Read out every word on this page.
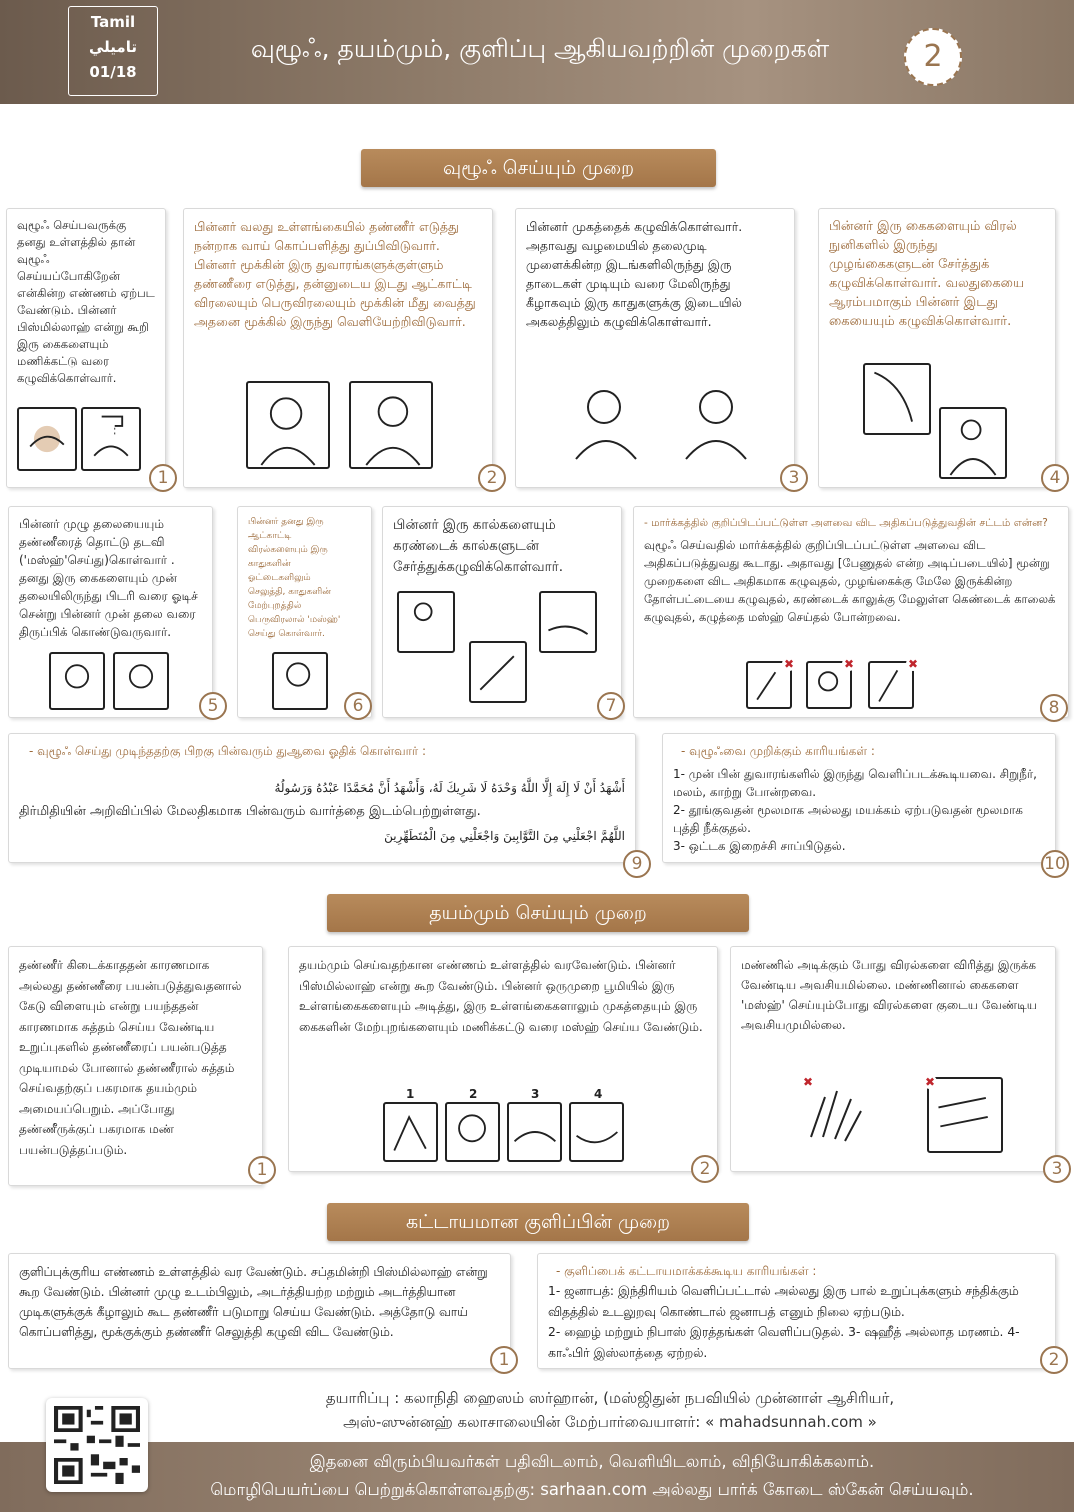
Tamil
تاميلي
01/18
வுழூஃ, தயம்மும், குளிப்பு ஆகியவற்றின் முறைகள்	2
வுழூஃ செய்யும் முறை
வுழூஃ செய்பவருக்கு தனது உள்ளத்தில் தான் வுழூஃ செய்யப்போகிறேன் என்கின்ற எண்ணம் ஏற்பட வேண்டும். பின்னர் பிஸ்மில்லாஹ் என்று கூறி இரு கைகளையும் மணிக்கட்டு வரை கழுவிக்கொள்வார்.
1
பின்னர் வலது உள்ளங்கையில் தண்ணீர் எடுத்து நன்றாக வாய் கொப்பளித்து துப்பிவிடுவார். பின்னர் மூக்கின் இரு துவாரங்களுக்குள்ளும் தண்ணீரை எடுத்து, தன்னுடைய இடது ஆட்காட்டி விரலையும் பெருவிரலையும் மூக்கின் மீது வைத்து அதனை மூக்கில் இருந்து வெளியேற்றிவிடுவார்.
2
பின்னர் முகத்தைக் கழுவிக்கொள்வார். அதாவது வழமையில் தலைமுடி முளைக்கின்ற இடங்களிலிருந்து இரு தாடைகள் முடியும் வரை மேலிருந்து கீழாகவும் இரு காதுகளுக்கு இடையில் அகலத்திலும் கழுவிக்கொள்வார்.
3
பின்னர் இரு கைகளையும் விரல் நுனிகளில் இருந்து முழங்கைகளுடன் சேர்த்துக் கழுவிக்கொள்வார். வலதுகையை ஆரம்பமாகும் பின்னர் இடது கையையும் கழுவிக்கொள்வார்.
4
பின்னர் முழு தலையையும் தண்ணீரைத் தொட்டு தடவி ('மஸ்ஹ்'செய்து)கொள்வார் . தனது இரு கைகளையும் முன் தலையிலிருந்து பிடரி வரை ஓடிச் சென்று பின்னர் முன் தலை வரை திருப்பிக் கொண்டுவருவார்.
5
பின்னர் தனது இரு ஆட்காட்டி விரல்களையும் இரு காதுகளின் ஓட்டைகளிலும் செலுத்தி, காதுகளின் மேற்புறத்தில் பெருவிரலால் 'மஸ்ஹ்' செய்து கொள்வார்.
6
பின்னர் இரு கால்களையும் கரண்டைக் கால்களுடன் சேர்த்துக்கழுவிக்கொள்வார்.
7
- மார்க்கத்தில் குறிப்பிடப்பட்டுள்ள அளவை விட அதிகப்படுத்துவதின் சட்டம் என்ன?
வுழூஃ செய்வதில் மார்க்கத்தில் குறிப்பிடப்பட்டுள்ள அளவை விட அதிகப்படுத்துவது கூடாது. அதாவது [பேணுதல் என்ற அடிப்படையில்] மூன்று முறைகளை விட அதிகமாக கழுவுதல், முழங்கைக்கு மேலே இருக்கின்ற தோள்பட்டையை கழுவுதல், கரண்டைக் காலுக்கு மேலுள்ள கெண்டைக் காலைக் கழுவுதல், கழுத்தை மஸ்ஹ் செய்தல் போன்றவை.
✖	✖	✖
8
- வுழூஃ செய்து முடிந்ததற்கு பிறகு பின்வரும் துஆவை ஓதிக் கொள்வார் :
أَشْهَدُ أَنْ لَا إِلَهَ إِلَّا اللَّهُ وَحْدَهُ لَا شَرِيكَ لَهُ، وَأَشْهَدُ أَنَّ مُحَمَّدًا عَبْدُهُ وَرَسُولُهُ
திர்மிதியின் அறிவிப்பில் மேலதிகமாக பின்வரும் வார்த்தை இடம்பெற்றுள்ளது.
اللَّهُمَّ اجْعَلْنِي مِنَ التَّوَّابِينَ وَاجْعَلْنِي مِنَ الْمُتَطَهِّرِينَ
9
- வுழூஃவை முறிக்கும் காரியங்கள் :
1- முன் பின் துவாரங்களில் இருந்து வெளிப்படக்கூடியவை. சிறுநீர், மலம், காற்று போன்றவை.
2- தூங்குவதன் மூலமாக அல்லது மயக்கம் ஏற்படுவதன் மூலமாக புத்தி நீக்குதல்.
3- ஒட்டக இறைச்சி சாப்பிடுதல்.
10
தயம்மும் செய்யும் முறை
தண்ணீர் கிடைக்காததன் காரணமாக அல்லது தண்ணீரை பயன்படுத்துவதனால் கேடு விளையும் என்று பயந்ததன் காரணமாக சுத்தம் செய்ய வேண்டிய உறுப்புகளில் தண்ணீரைப் பயன்படுத்த முடியாமல் போனால் தண்ணீரால் சுத்தம் செய்வதற்குப் பகரமாக தயம்மும் அமையப்பெறும். அப்போது தண்ணீருக்குப் பகரமாக மண் பயன்படுத்தப்படும்.
1
தயம்மும் செய்வதற்கான எண்ணம் உள்ளத்தில் வரவேண்டும். பின்னர் பிஸ்மில்லாஹ் என்று கூற வேண்டும். பின்னர் ஒருமுறை பூமியில் இரு உள்ளங்கைகளையும் அடித்து, இரு உள்ளங்கைகளாலும் முகத்தையும் இரு கைகளின் மேற்புறங்களையும் மணிக்கட்டு வரை மஸ்ஹ் செய்ய வேண்டும்.
1	2	3	4
2
மண்ணில் அடிக்கும் போது விரல்களை விரித்து இருக்க வேண்டிய அவசியமில்லை. மண்ணினால் கைகளை 'மஸ்ஹ்' செய்யும்போது விரல்களை குடைய வேண்டிய அவசியமுமில்லை.
✖	✖
3
கட்டாயமான குளிப்பின் முறை
குளிப்புக்குரிய எண்ணம் உள்ளத்தில் வர வேண்டும். சப்தமின்றி பிஸ்மில்லாஹ் என்று கூற வேண்டும். பின்னர் முழு உடம்பிலும், அடர்த்தியற்ற மற்றும் அடர்த்தியான முடிகளுக்குக் கீழாலும் கூட தண்ணீர் படுமாறு செய்ய வேண்டும். அத்தோடு வாய் கொப்பளித்து, மூக்குக்கும் தண்ணீர் செலுத்தி கழுவி விட வேண்டும்.
1
- குளிப்பைக் கட்டாயமாக்கக்கூடிய காரியங்கள் :
1- ஜனாபத்: இந்திரியம் வெளிப்பட்டால் அல்லது இரு பால் உறுப்புக்களும் சந்திக்கும் விதத்தில் உடலுறவு கொண்டால் ஜனாபத் எனும் நிலை ஏற்படும்.
2- ஹைழ் மற்றும் நிபாஸ் இரத்தங்கள் வெளிப்படுதல். 3- ஷஹீத் அல்லாத மரணம். 4- காஃபிர் இஸ்லாத்தை ஏற்றல்.	2
தயாரிப்பு : கலாநிதி ஹைஸம் ஸர்ஹான், (மஸ்ஜிதுன் நபவியில் முன்னாள் ஆசிரியர்,
அஸ்-ஸுன்னஹ் கலாசாலையின் மேற்பார்வையாளர்: « mahadsunnah.com »
இதனை விரும்பியவர்கள் பதிவிடலாம், வெளியிடலாம், விநியோகிக்கலாம்.
மொழிபெயர்ப்பை பெற்றுக்கொள்ளவதற்கு: sarhaan.com அல்லது பார்க் கோடை ஸ்கேன் செய்யவும்.
